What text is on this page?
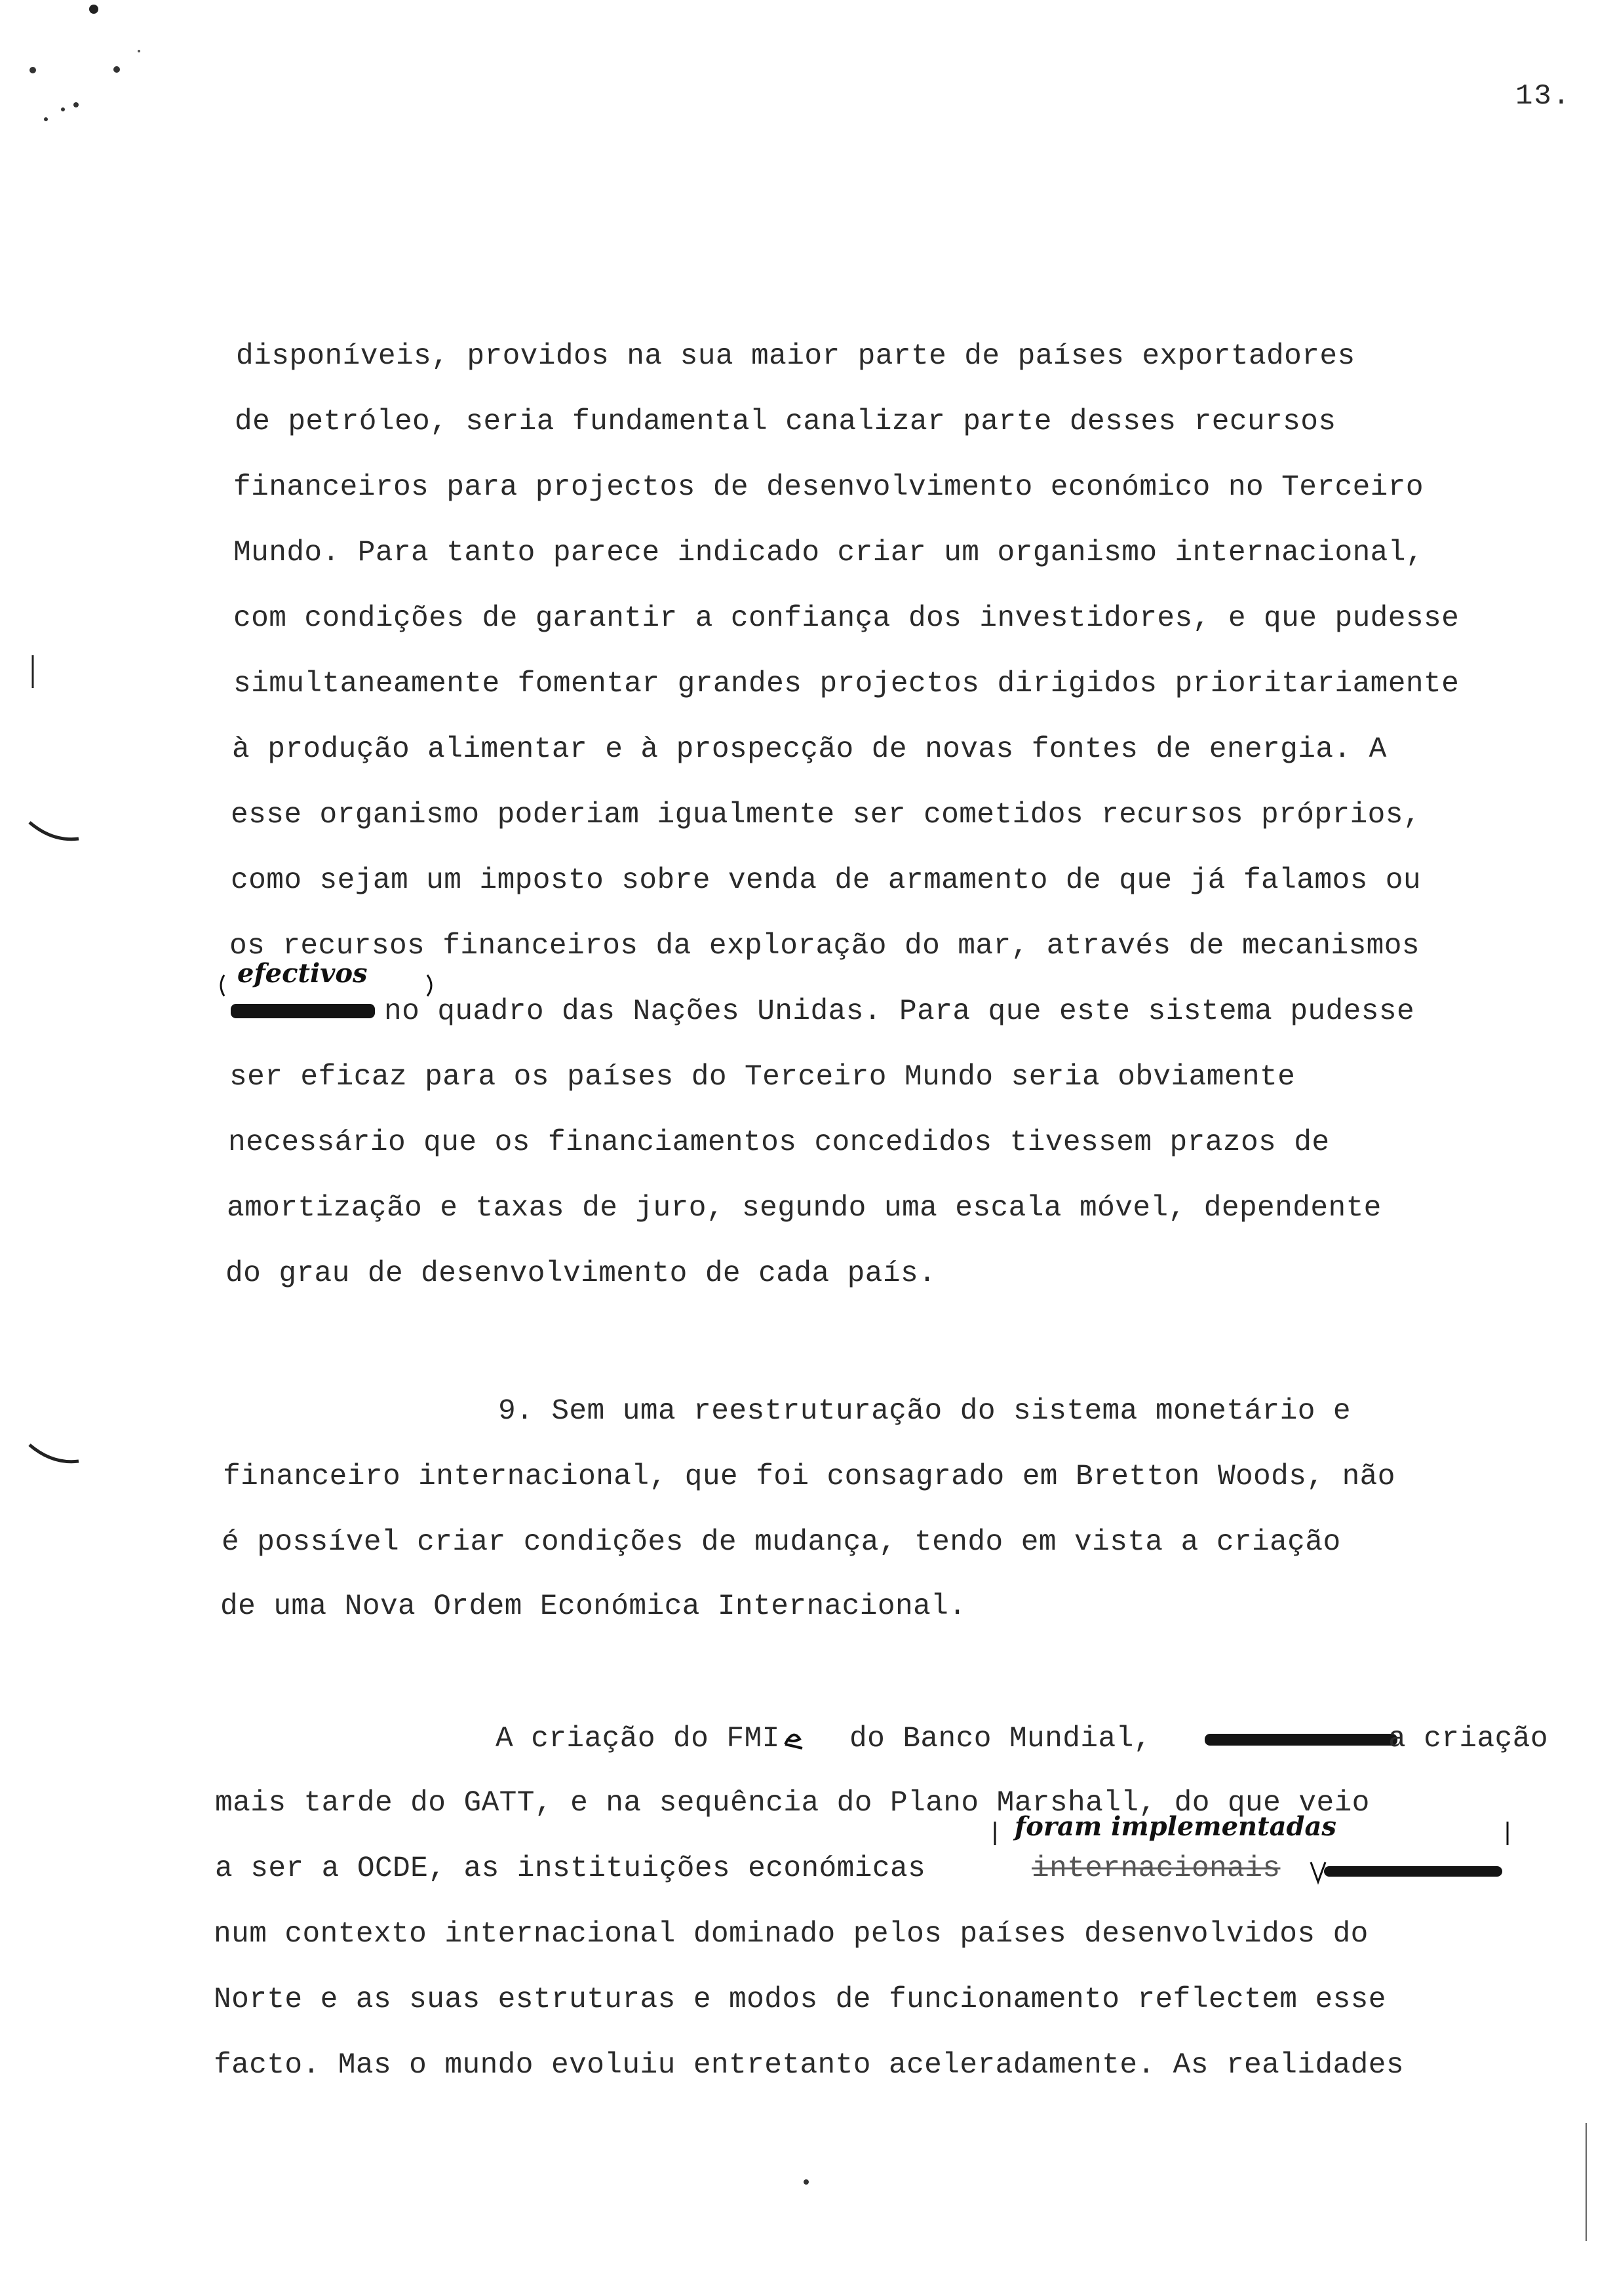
13.
disponíveis, providos na sua maior parte de países exportadores
de petróleo, seria fundamental canalizar parte desses recursos
financeiros para projectos de desenvolvimento económico no Terceiro
Mundo. Para tanto parece indicado criar um organismo internacional,
com condições de garantir a confiança dos investidores, e que pudesse
simultaneamente fomentar grandes projectos dirigidos prioritariamente
à produção alimentar e à prospecção de novas fontes de energia. A
esse organismo poderiam igualmente ser cometidos recursos próprios,
como sejam um imposto sobre venda de armamento de que já falamos ou
os recursos financeiros da exploração do mar, através de mecanismos
efectivos
no quadro das Nações Unidas. Para que este sistema pudesse
ser eficaz para os países do Terceiro Mundo seria obviamente
necessário que os financiamentos concedidos tivessem prazos de
amortização e taxas de juro, segundo uma escala móvel, dependente
do grau de desenvolvimento de cada país.
9. Sem uma reestruturação do sistema monetário e
financeiro internacional, que foi consagrado em Bretton Woods, não
é possível criar condições de mudança, tendo em vista a criação
de uma Nova Ordem Económica Internacional.
A criação do FMI do Banco Mundial,	a criação
mais tarde do GATT, e na sequência do Plano Marshall, do que veio
foram implementadas
a ser a OCDE, as instituições económicas	internacionais
num contexto internacional dominado pelos países desenvolvidos do
Norte e as suas estruturas e modos de funcionamento reflectem esse
facto. Mas o mundo evoluiu entretanto aceleradamente. As realidades
